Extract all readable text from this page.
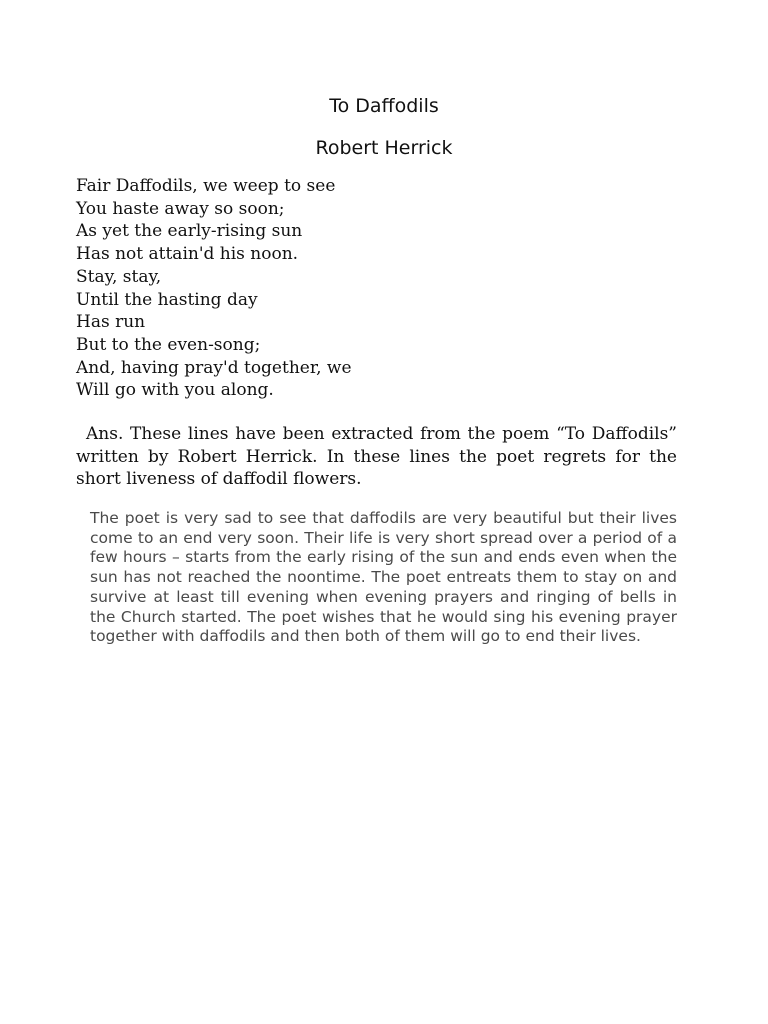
To Daffodils
Robert Herrick
Fair Daffodils, we weep to see
You haste away so soon;
As yet the early-rising sun
Has not attain'd his noon.
Stay, stay,
Until the hasting day
Has run
But to the even-song;
And, having pray'd together, we
Will go with you along.

Ans. These lines have been extracted from the poem “To Daffodils” written by Robert Herrick. In these lines the poet regrets for the short liveness of daffodil flowers.

The poet is very sad to see that daffodils are very beautiful but their lives come to an end very soon. Their life is very short spread over a period of a few hours – starts from the early rising of the sun and ends even when the sun has not reached the noontime. The poet entreats them to stay on and survive at least till evening when evening prayers and ringing of bells in the Church started. The poet wishes that he would sing his evening prayer together with daffodils and then both of them will go to end their lives.
